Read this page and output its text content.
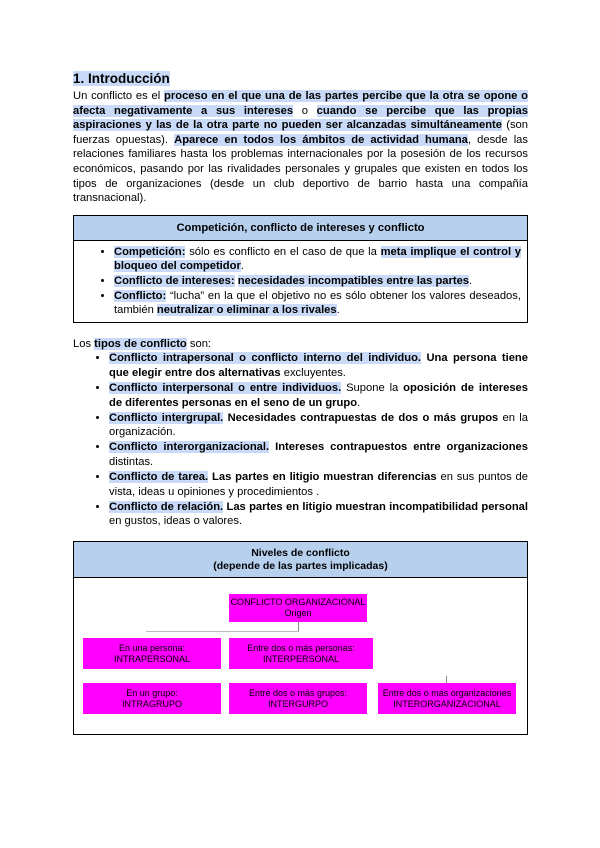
1. Introducción

Un conflicto es el proceso en el que una de las partes percibe que la otra se opone o afecta negativamente a sus intereses o cuando se percibe que las propias aspiraciones y las de la otra parte no pueden ser alcanzadas simultáneamente (son fuerzas opuestas). Aparece en todos los ámbitos de actividad humana, desde las relaciones familiares hasta los problemas internacionales por la posesión de los recursos económicos, pasando por las rivalidades personales y grupales que existen en todos los tipos de organizaciones (desde un club deportivo de barrio hasta una compañía transnacional).

Competición, conflicto de intereses y conflicto
• Competición: sólo es conflicto en el caso de que la meta implique el control y bloqueo del competidor.
• Conflicto de intereses: necesidades incompatibles entre las partes.
• Conflicto: “lucha” en la que el objetivo no es sólo obtener los valores deseados, también neutralizar o eliminar a los rivales.
Los tipos de conflicto son:
• Conflicto intrapersonal o conflicto interno del individuo. Una persona tiene que elegir entre dos alternativas excluyentes.
• Conflicto interpersonal o entre individuos. Supone la oposición de intereses de diferentes personas en el seno de un grupo.
• Conflicto intergrupal. Necesidades contrapuestas de dos o más grupos en la organización.
• Conflicto interorganizacional. Intereses contrapuestos entre organizaciones distintas.
• Conflicto de tarea. Las partes en litigio muestran diferencias en sus puntos de vista, ideas u opiniones y procedimientos .
• Conflicto de relación. Las partes en litigio muestran incompatibilidad personal en gustos, ideas o valores.
Niveles de conflicto
(depende de las partes implicadas)
CONFLICTO ORGANIZACIONAL
Origen
En una persona:
INTRAPERSONAL
Entre dos o más personas:
INTERPERSONAL
En un grupo:
INTRAGRUPO
Entre dos o más grupos:
INTERGURPO
Entre dos o más organizaciones
INTERORGANIZACIONAL
